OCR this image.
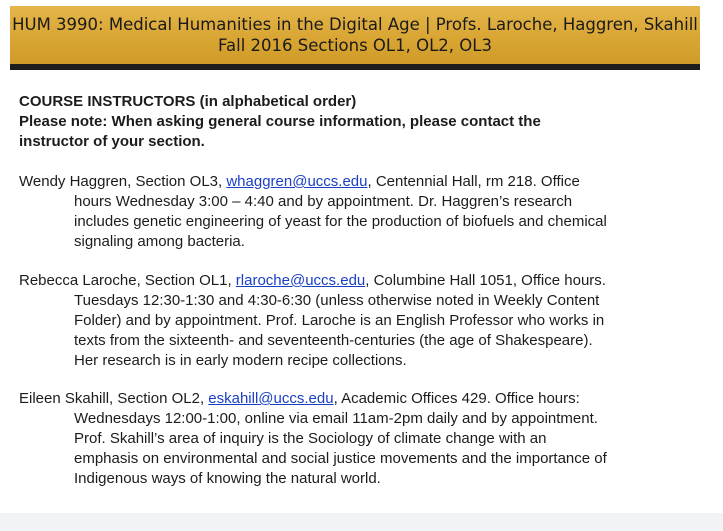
HUM 3990: Medical Humanities in the Digital Age | Profs. Laroche, Haggren, Skahill
Fall 2016 Sections OL1, OL2, OL3
COURSE INSTRUCTORS (in alphabetical order)
Please note: When asking general course information, please contact the
instructor of your section.
Wendy Haggren, Section OL3, whaggren@uccs.edu, Centennial Hall, rm 218. Office
hours Wednesday 3:00 – 4:40 and by appointment. Dr. Haggren’s research
includes genetic engineering of yeast for the production of biofuels and chemical
signaling among bacteria.
Rebecca Laroche, Section OL1, rlaroche@uccs.edu, Columbine Hall 1051, Office hours.
Tuesdays 12:30-1:30 and 4:30-6:30 (unless otherwise noted in Weekly Content
Folder) and by appointment. Prof. Laroche is an English Professor who works in
texts from the sixteenth- and seventeenth-centuries (the age of Shakespeare).
Her research is in early modern recipe collections.
Eileen Skahill, Section OL2, eskahill@uccs.edu, Academic Offices 429. Office hours:
Wednesdays 12:00-1:00, online via email 11am-2pm daily and by appointment.
Prof. Skahill’s area of inquiry is the Sociology of climate change with an
emphasis on environmental and social justice movements and the importance of
Indigenous ways of knowing the natural world.
